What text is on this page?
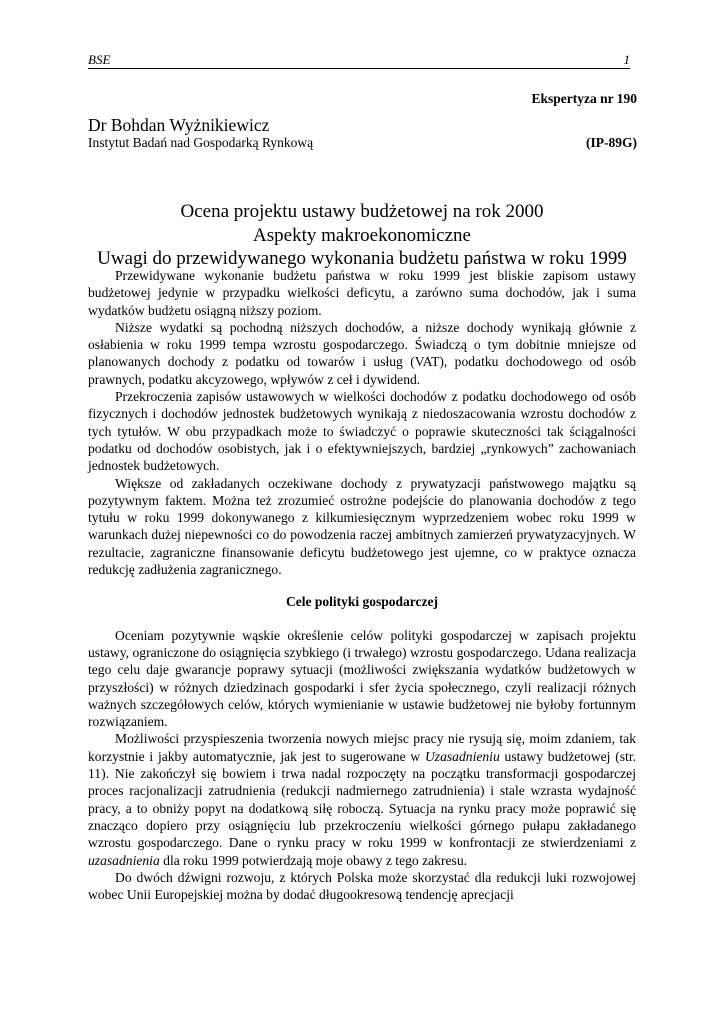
BSE	1
Ekspertyza nr 190
Dr Bohdan Wyżnikiewicz
Instytut Badań nad Gospodarką Rynkową	(IP-89G)
Ocena projektu ustawy budżetowej na rok 2000
Aspekty makroekonomiczne
Uwagi do przewidywanego wykonania budżetu państwa w roku 1999

Przewidywane wykonanie budżetu państwa w roku 1999 jest bliskie zapisom ustawy budżetowej jedynie w przypadku wielkości deficytu, a zarówno suma dochodów, jak i suma wydatków budżetu osiągną niższy poziom.

Niższe wydatki są pochodną niższych dochodów, a niższe dochody wynikają głównie z osłabienia w roku 1999 tempa wzrostu gospodarczego. Świadczą o tym dobitnie mniejsze od planowanych dochody z podatku od towarów i usług (VAT), podatku dochodowego od osób prawnych, podatku akcyzowego, wpływów z ceł i dywidend.

Przekroczenia zapisów ustawowych w wielkości dochodów z podatku dochodowego od osób fizycznych i dochodów jednostek budżetowych wynikają z niedoszacowania wzrostu dochodów z tych tytułów. W obu przypadkach może to świadczyć o poprawie skuteczności tak ściągalności podatku od dochodów osobistych, jak i o efektywniejszych, bardziej „rynkowych” zachowaniach jednostek budżetowych.

Większe od zakładanych oczekiwane dochody z prywatyzacji państwowego majątku są pozytywnym faktem. Można też zrozumieć ostrożne podejście do planowania dochodów z tego tytułu w roku 1999 dokonywanego z kilkumiesięcznym wyprzedzeniem wobec roku 1999 w warunkach dużej niepewności co do powodzenia raczej ambitnych zamierzeń prywatyzacyjnych. W rezultacie, zagraniczne finansowanie deficytu budżetowego jest ujemne, co w praktyce oznacza redukcję zadłużenia zagranicznego.

Cele polityki gospodarczej

Oceniam pozytywnie wąskie określenie celów polityki gospodarczej w zapisach projektu ustawy, ograniczone do osiągnięcia szybkiego (i trwałego) wzrostu gospodarczego. Udana realizacja tego celu daje gwarancje poprawy sytuacji (możliwości zwiększania wydatków budżetowych w przyszłości) w różnych dziedzinach gospodarki i sfer życia społecznego, czyli realizacji różnych ważnych szczegółowych celów, których wymienianie w ustawie budżetowej nie byłoby fortunnym rozwiązaniem.

Możliwości przyspieszenia tworzenia nowych miejsc pracy nie rysują się, moim zdaniem, tak korzystnie i jakby automatycznie, jak jest to sugerowane w Uzasadnieniu ustawy budżetowej (str. 11). Nie zakończył się bowiem i trwa nadal rozpoczęty na początku transformacji gospodarczej proces racjonalizacji zatrudnienia (redukcji nadmiernego zatrudnienia) i stale wzrasta wydajność pracy, a to obniży popyt na dodatkową siłę roboczą. Sytuacja na rynku pracy może poprawić się znacząco dopiero przy osiągnięciu lub przekroczeniu wielkości górnego pułapu zakładanego wzrostu gospodarczego. Dane o rynku pracy w roku 1999 w konfrontacji ze stwierdzeniami z uzasadnienia dla roku 1999 potwierdzają moje obawy z tego zakresu.

Do dwóch dźwigni rozwoju, z których Polska może skorzystać dla redukcji luki rozwojowej wobec Unii Europejskiej można by dodać długookresową tendencję aprecjacji
